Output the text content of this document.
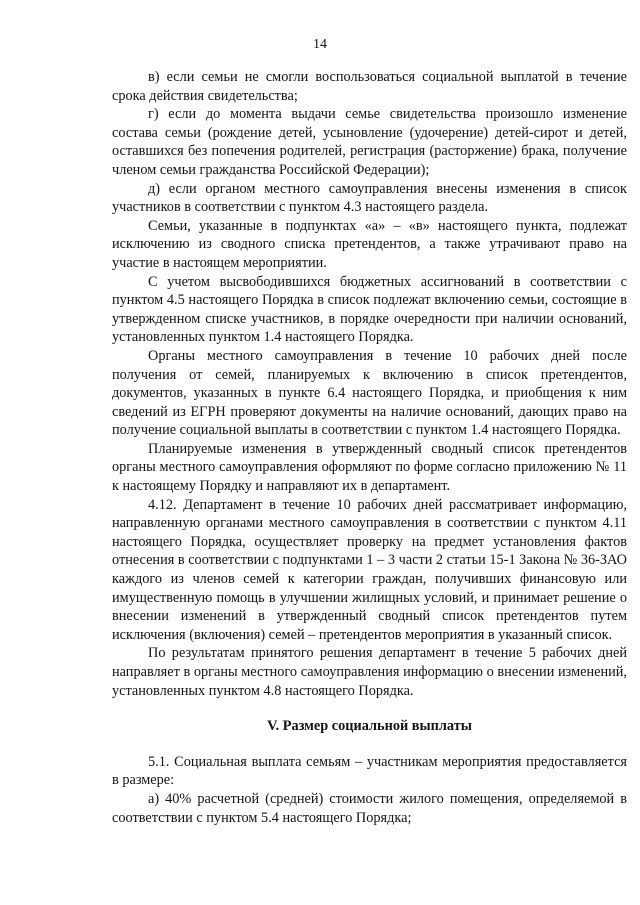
14

в) если семьи не смогли воспользоваться социальной выплатой в течение срока действия свидетельства;

г) если до момента выдачи семье свидетельства произошло изменение состава семьи (рождение детей, усыновление (удочерение) детей-сирот и детей, оставшихся без попечения родителей, регистрация (расторжение) брака, получение членом семьи гражданства Российской Федерации);

д) если органом местного самоуправления внесены изменения в список участников в соответствии с пунктом 4.3 настоящего раздела.

Семьи, указанные в подпунктах «а» – «в» настоящего пункта, подлежат исключению из сводного списка претендентов, а также утрачивают право на участие в настоящем мероприятии.

С учетом высвободившихся бюджетных ассигнований в соответствии с пунктом 4.5 настоящего Порядка в список подлежат включению семьи, состоящие в утвержденном списке участников, в порядке очередности при наличии оснований, установленных пунктом 1.4 настоящего Порядка.

Органы местного самоуправления в течение 10 рабочих дней после получения от семей, планируемых к включению в список претендентов, документов, указанных в пункте 6.4 настоящего Порядка, и приобщения к ним сведений из ЕГРН проверяют документы на наличие оснований, дающих право на получение социальной выплаты в соответствии с пунктом 1.4 настоящего Порядка.

Планируемые изменения в утвержденный сводный список претендентов органы местного самоуправления оформляют по форме согласно приложению № 11 к настоящему Порядку и направляют их в департамент.

4.12. Департамент в течение 10 рабочих дней рассматривает информацию, направленную органами местного самоуправления в соответствии с пунктом 4.11 настоящего Порядка, осуществляет проверку на предмет установления фактов отнесения в соответствии с подпунктами 1 – 3 части 2 статьи 15-1 Закона № 36-ЗАО каждого из членов семей к категории граждан, получивших финансовую или имущественную помощь в улучшении жилищных условий, и принимает решение о внесении изменений в утвержденный сводный список претендентов путем исключения (включения) семей – претендентов мероприятия в указанный список.

По результатам принятого решения департамент в течение 5 рабочих дней направляет в органы местного самоуправления информацию о внесении изменений, установленных пунктом 4.8 настоящего Порядка.

V. Размер социальной выплаты

5.1. Социальная выплата семьям – участникам мероприятия предоставляется в размере:

а) 40% расчетной (средней) стоимости жилого помещения, определяемой в соответствии с пунктом 5.4 настоящего Порядка;
